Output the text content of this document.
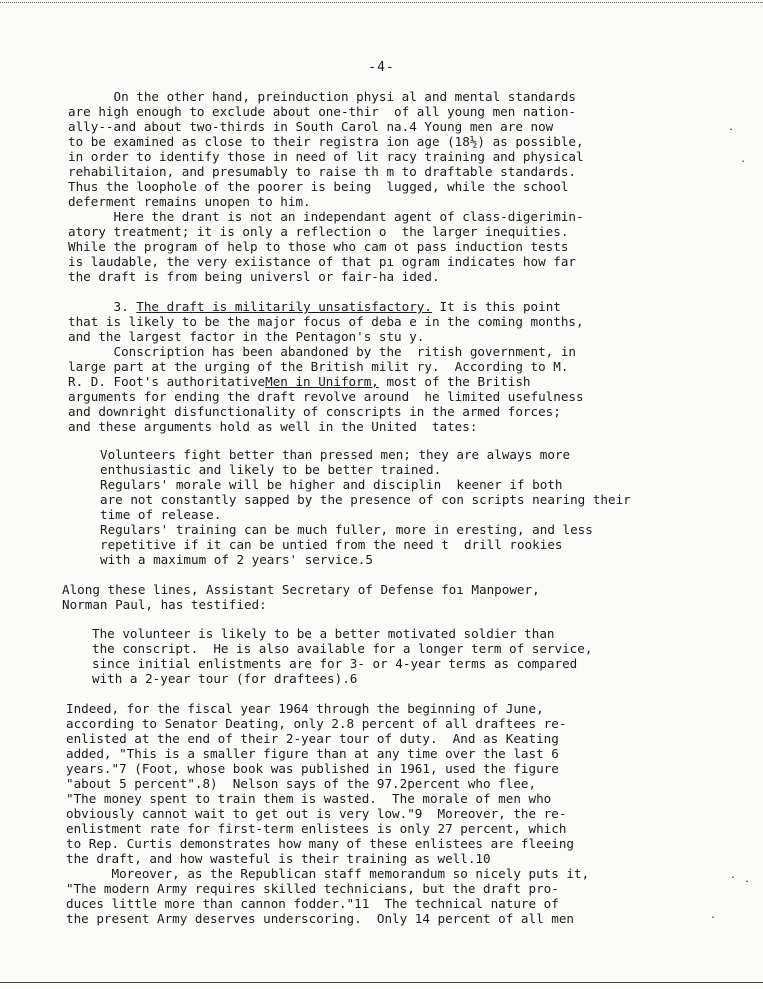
-4-
On the other hand, preinduction physi al and mental standards
are high enough to exclude about one-thir  of all young men nation-
ally--and about two-thirds in South Carol na.4 Young men are now
to be examined as close to their registra ion age (18½) as possible,
in order to identify those in need of lit racy training and physical
rehabilitaion, and presumably to raise th m to draftable standards.
Thus the loophole of the poorer is being  lugged, while the school
deferment remains unopen to him.
Here the drant is not an independant agent of class-digerimin-
atory treatment; it is only a reflection o  the larger inequities.
While the program of help to those who cam ot pass induction tests
is laudable, the very exiistance of that pı ogram indicates how far
the draft is from being universl or fair-ha ided.
3. The draft is militarily unsatisfactory. It is this point
that is likely to be the major focus of deba e in the coming months,
and the largest factor in the Pentagon's stu y.
Conscription has been abandoned by the  ritish government, in
large part at the urging of the British milit ry.  According to M.
R. D. Foot's authoritativeMen in Uniform, most of the British
arguments for ending the draft revolve around  he limited usefulness
and downright disfunctionality of conscripts in the armed forces;
and these arguments hold as well in the United  tates:
Volunteers fight better than pressed men; they are always more
enthusiastic and likely to be better trained.
Regulars' morale will be higher and disciplin  keener if both
are not constantly sapped by the presence of con scripts nearing their
time of release.
Regulars' training can be much fuller, more in eresting, and less
repetitive if it can be untied from the need t  drill rookies
with a maximum of 2 years' service.5
Along these lines, Assistant Secretary of Defense foı Manpower,
Norman Paul, has testified:
The volunteer is likely to be a better motivated soldier than
the conscript.  He is also available for a longer term of service,
since initial enlistments are for 3- or 4-year terms as compared
with a 2-year tour (for draftees).6
Indeed, for the fiscal year 1964 through the beginning of June,
according to Senator Deating, only 2.8 percent of all draftees re-
enlisted at the end of their 2-year tour of duty.  And as Keating
added, "This is a smaller figure than at any time over the last 6
years."7 (Foot, whose book was published in 1961, used the figure
"about 5 percent".8)  Nelson says of the 97.2percent who flee,
"The money spent to train them is wasted.  The morale of men who
obviously cannot wait to get out is very low."9  Moreover, the re-
enlistment rate for first-term enlistees is only 27 percent, which
to Rep. Curtis demonstrates how many of these enlistees are fleeing
the draft, and how wasteful is their training as well.10
Moreover, as the Republican staff memorandum so nicely puts it,
"The modern Army requires skilled technicians, but the draft pro-
duces little more than cannon fodder."11  The technical nature of
the present Army deserves underscoring.  Only 14 percent of all men
.
.
. .
.
